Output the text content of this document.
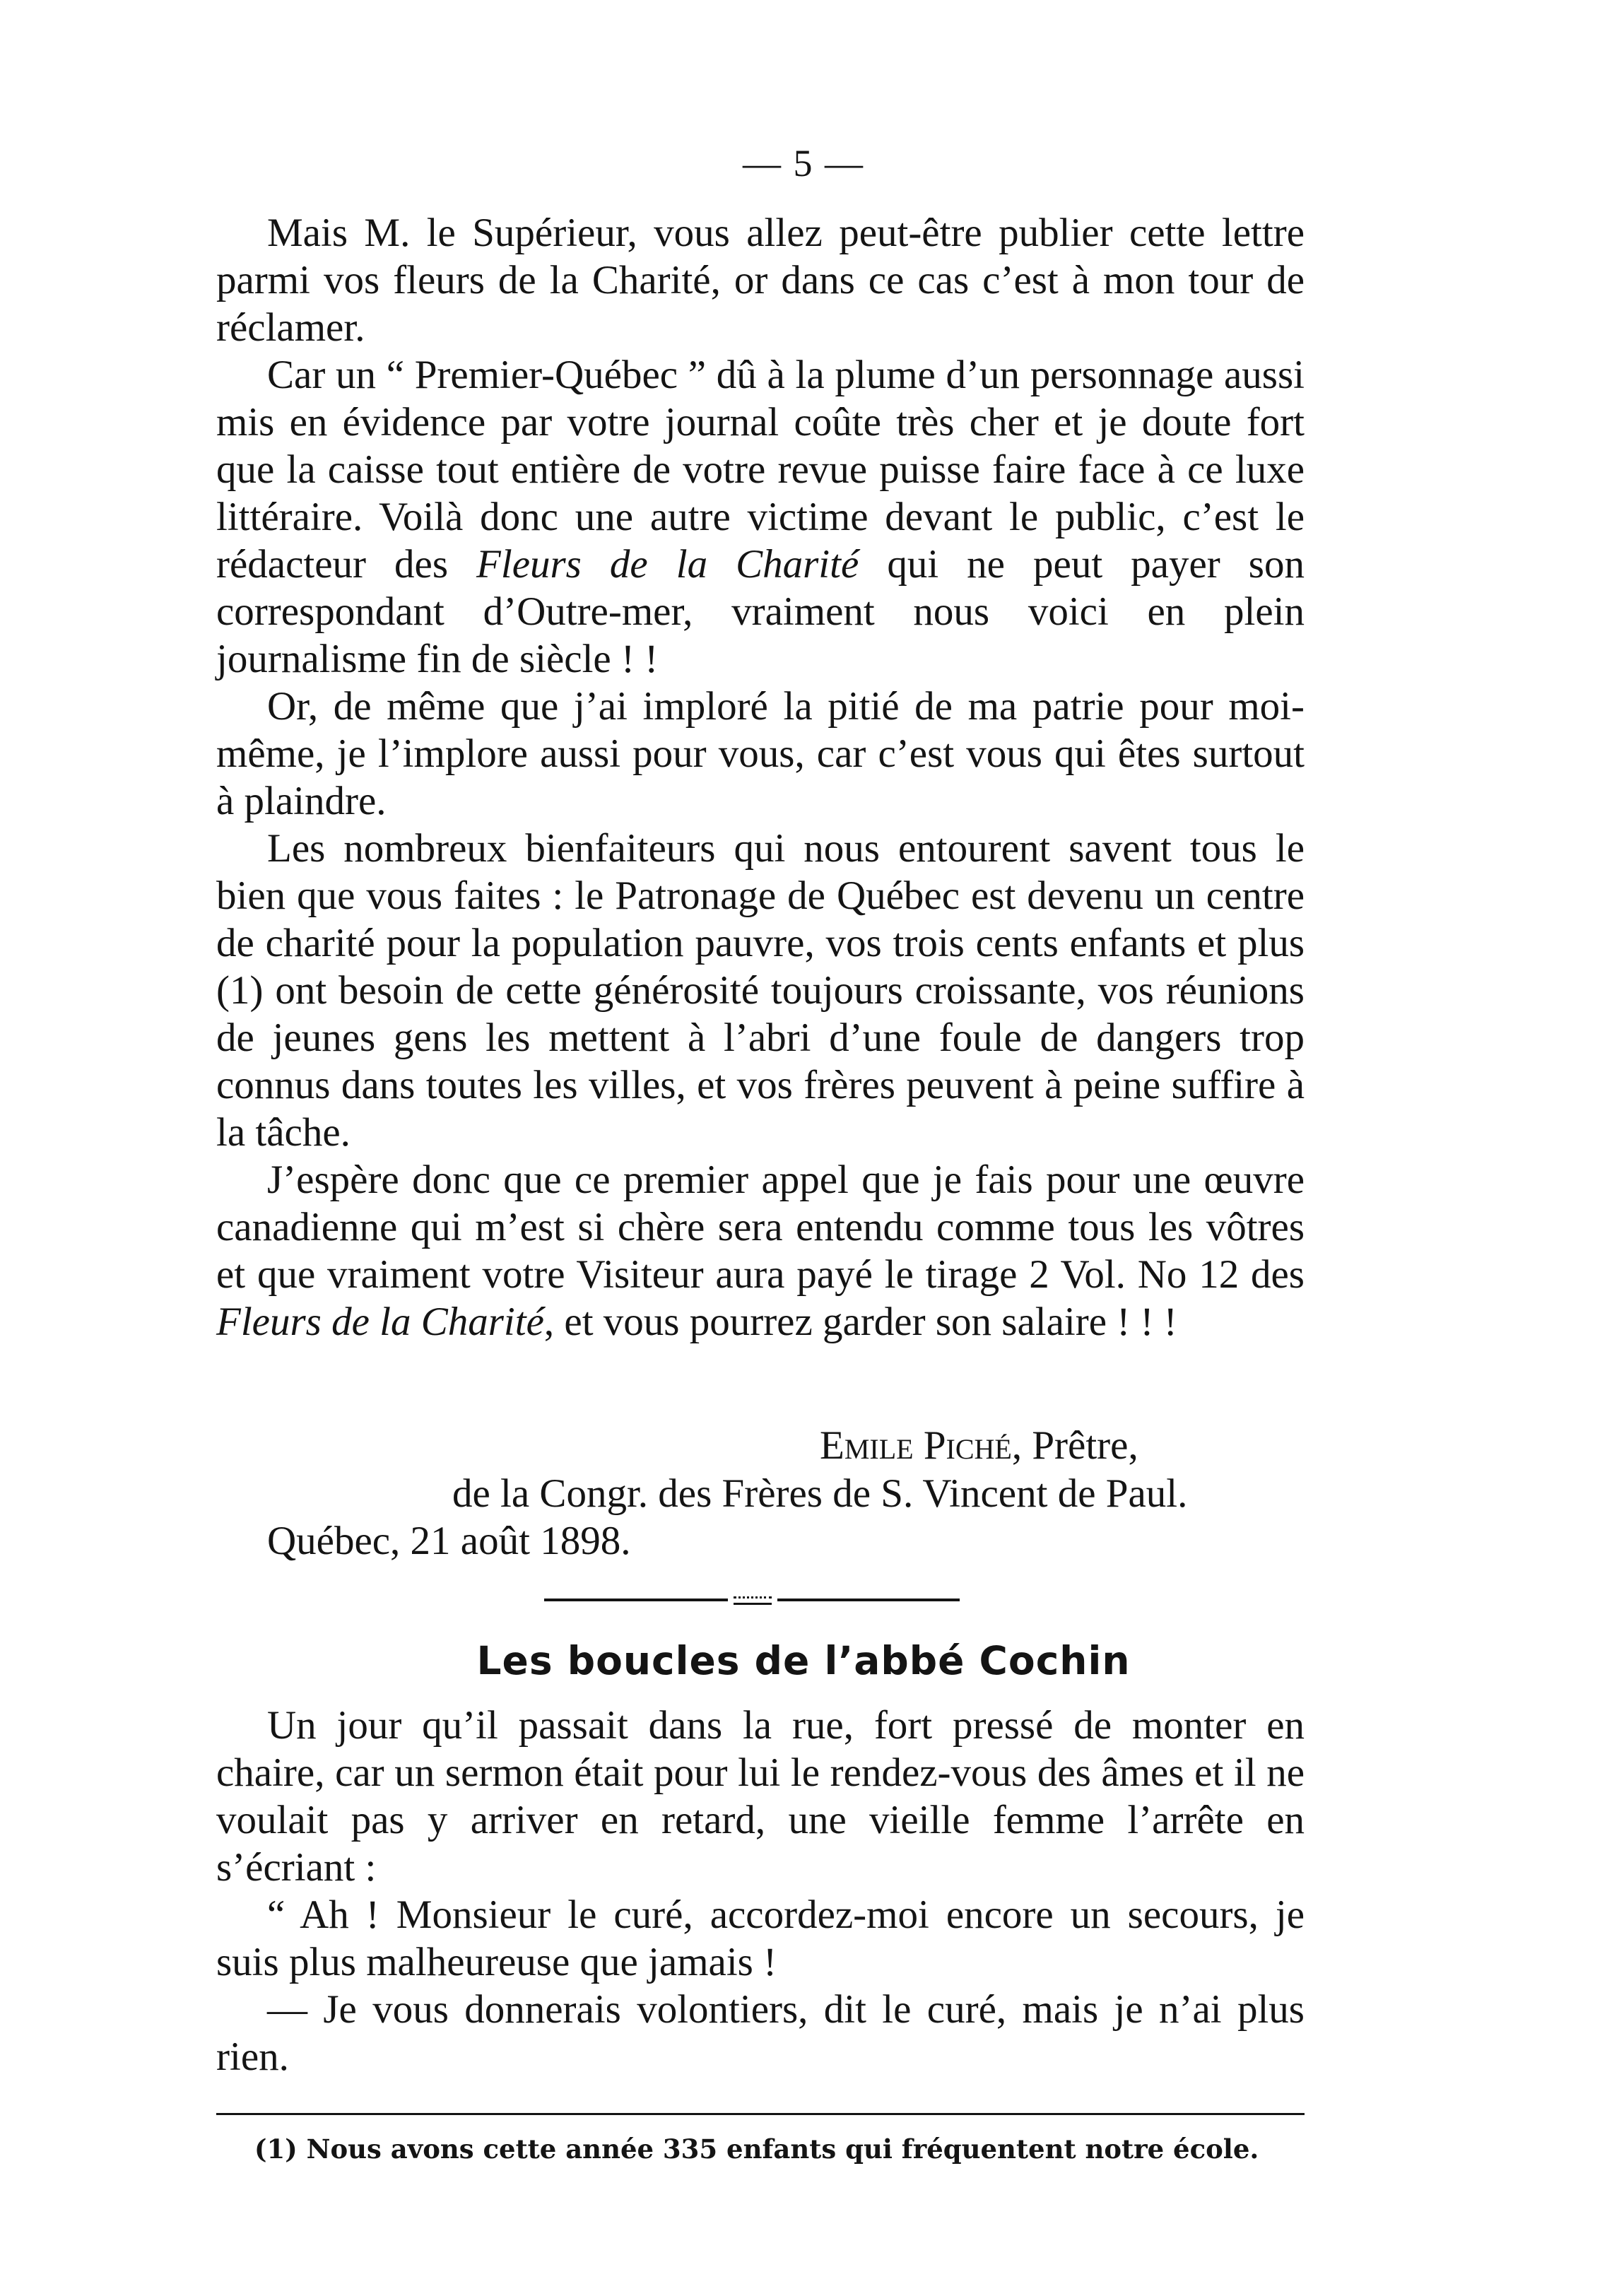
— 5 —

Mais M. le Supérieur, vous allez peut-être publier cette lettre parmi vos fleurs de la Charité, or dans ce cas c’est à mon tour de réclamer.

Car un “ Premier-Québec ” dû à la plume d’un personnage aussi mis en évidence par votre journal coûte très cher et je doute fort que la caisse tout entière de votre revue puisse faire face à ce luxe littéraire. Voilà donc une autre victime devant le public, c’est le rédacteur des Fleurs de la Charité qui ne peut payer son correspondant d’Outre-mer, vraiment nous voici en plein journalisme fin de siècle ! !

Or, de même que j’ai imploré la pitié de ma patrie pour moi-même, je l’implore aussi pour vous, car c’est vous qui êtes surtout à plaindre.

Les nombreux bienfaiteurs qui nous entourent savent tous le bien que vous faites : le Patronage de Québec est devenu un centre de charité pour la population pauvre, vos trois cents enfants et plus (1) ont besoin de cette générosité toujours croissante, vos réunions de jeunes gens les mettent à l’abri d’une foule de dangers trop connus dans toutes les villes, et vos frères peuvent à peine suffire à la tâche.

J’espère donc que ce premier appel que je fais pour une œuvre canadienne qui m’est si chère sera entendu comme tous les vôtres et que vraiment votre Visiteur aura payé le tirage 2 Vol. No 12 des Fleurs de la Charité, et vous pourrez garder son salaire ! ! !

Emile Piché, Prêtre,
de la Congr. des Frères de S. Vincent de Paul.
Québec, 21 août 1898.
Les boucles de l’abbé Cochin

Un jour qu’il passait dans la rue, fort pressé de monter en chaire, car un sermon était pour lui le rendez-vous des âmes et il ne voulait pas y arriver en retard, une vieille femme l’arrête en s’écriant :

“ Ah ! Monsieur le curé, accordez-moi encore un secours, je suis plus malheureuse que jamais !

— Je vous donnerais volontiers, dit le curé, mais je n’ai plus rien.

(1) Nous avons cette année 335 enfants qui fréquentent notre école.
